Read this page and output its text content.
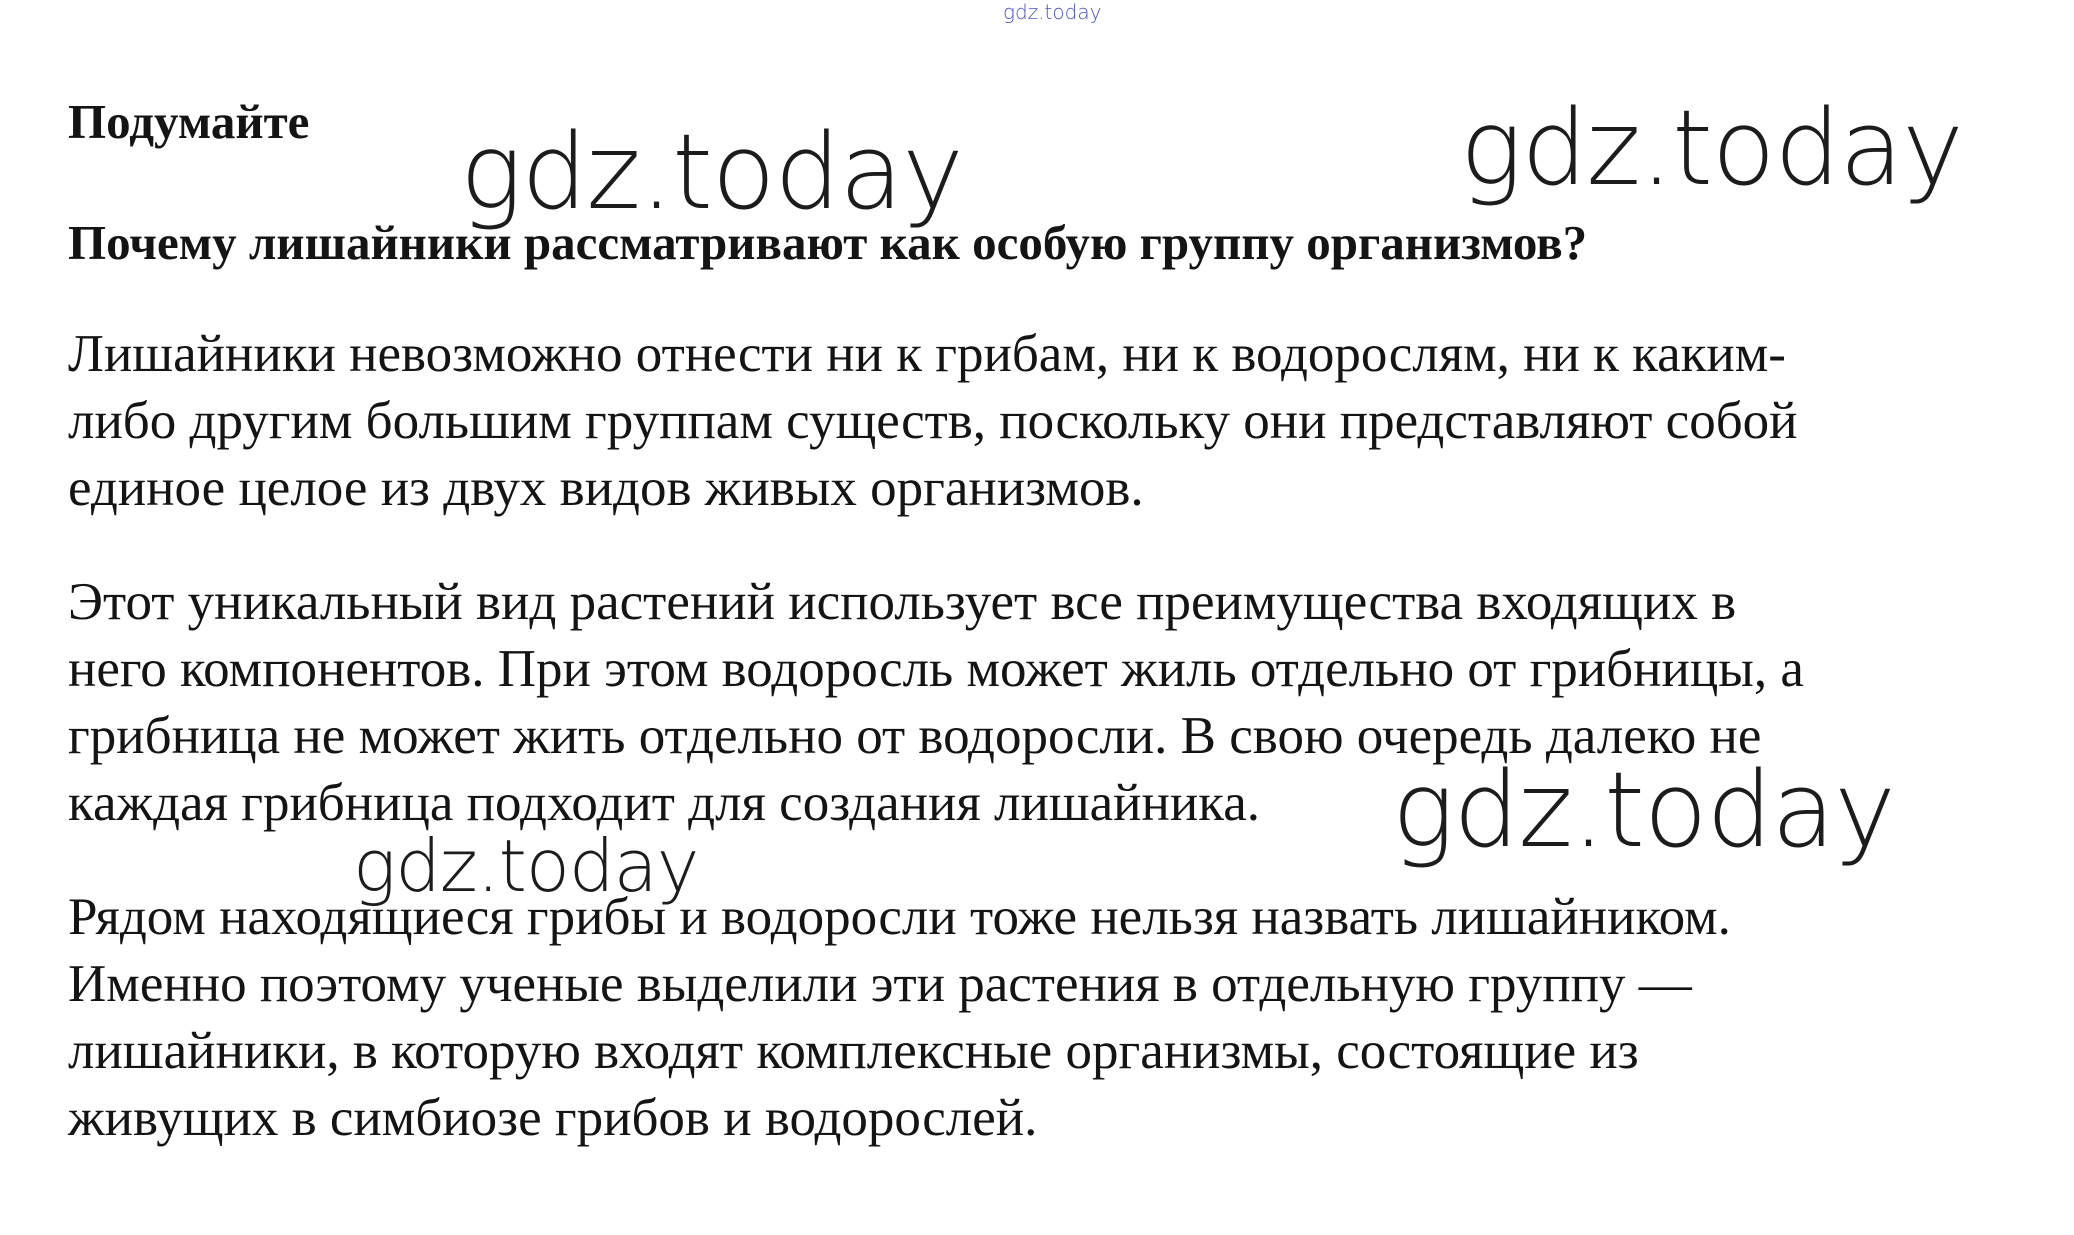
gdz.today
Подумайте
Почему лишайники рассматривают как особую группу организмов?

Лишайники невозможно отнести ни к грибам, ни к водорослям, ни к каким-
либо другим большим группам существ, поскольку они представляют собой
единое целое из двух видов живых организмов.

Этот уникальный вид растений использует все преимущества входящих в
него компонентов. При этом водоросль может жиль отдельно от грибницы, а
грибница не может жить отдельно от водоросли. В свою очередь далеко не
каждая грибница подходит для создания лишайника.

Рядом находящиеся грибы и водоросли тоже нельзя назвать лишайником.
Именно поэтому ученые выделили эти растения в отдельную группу —
лишайники, в которую входят комплексные организмы, состоящие из
живущих в симбиозе грибов и водорослей.

gdz.today	gdz.today
gdz.today
gdz.today
